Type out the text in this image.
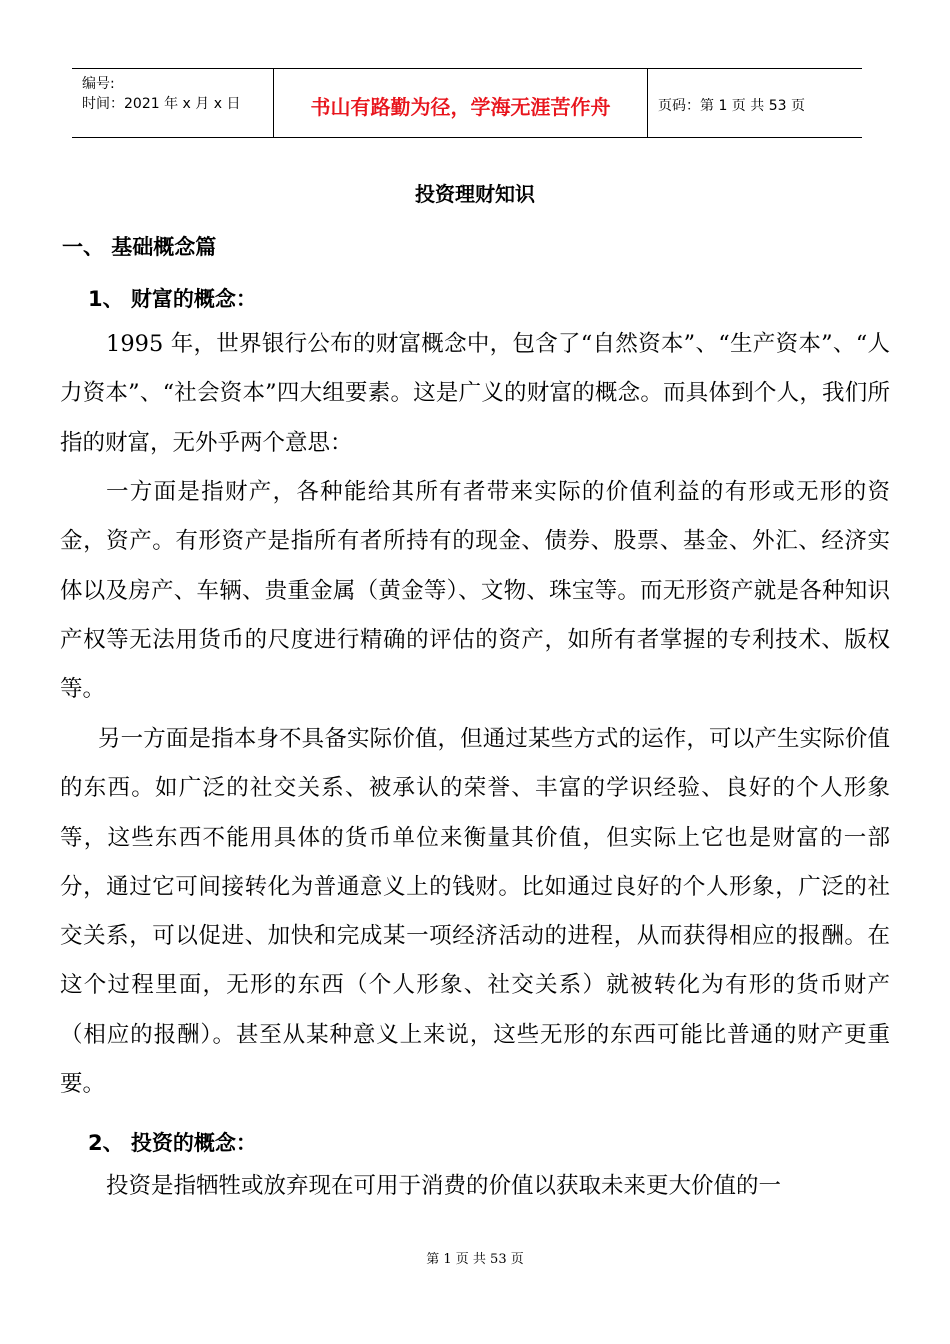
编号:
时间：2021 年 x 月 x 日	书山有路勤为径，学海无涯苦作舟	页码：第 1 页 共 53 页
投资理财知识
一、 基础概念篇
1、 财富的概念：

1995 年，世界银行公布的财富概念中，包含了“自然资本”、“生产资本”、“人力资本”、“社会资本”四大组要素。这是广义的财富的概念。而具体到个人，我们所指的财富，无外乎两个意思：

一方面是指财产，各种能给其所有者带来实际的价值利益的有形或无形的资金，资产。有形资产是指所有者所持有的现金、债券、股票、基金、外汇、经济实体以及房产、车辆、贵重金属（黄金等）、文物、珠宝等。而无形资产就是各种知识产权等无法用货币的尺度进行精确的评估的资产，如所有者掌握的专利技术、版权等。

另一方面是指本身不具备实际价值，但通过某些方式的运作，可以产生实际价值的东西。如广泛的社交关系、被承认的荣誉、丰富的学识经验、良好的个人形象等，这些东西不能用具体的货币单位来衡量其价值，但实际上它也是财富的一部分，通过它可间接转化为普通意义上的钱财。比如通过良好的个人形象，广泛的社交关系，可以促进、加快和完成某一项经济活动的进程，从而获得相应的报酬。在这个过程里面，无形的东西（个人形象、社交关系）就被转化为有形的货币财产（相应的报酬）。甚至从某种意义上来说，这些无形的东西可能比普通的财产更重要。

2、 投资的概念：

投资是指牺牲或放弃现在可用于消费的价值以获取未来更大价值的一

第 1 页 共 53 页
